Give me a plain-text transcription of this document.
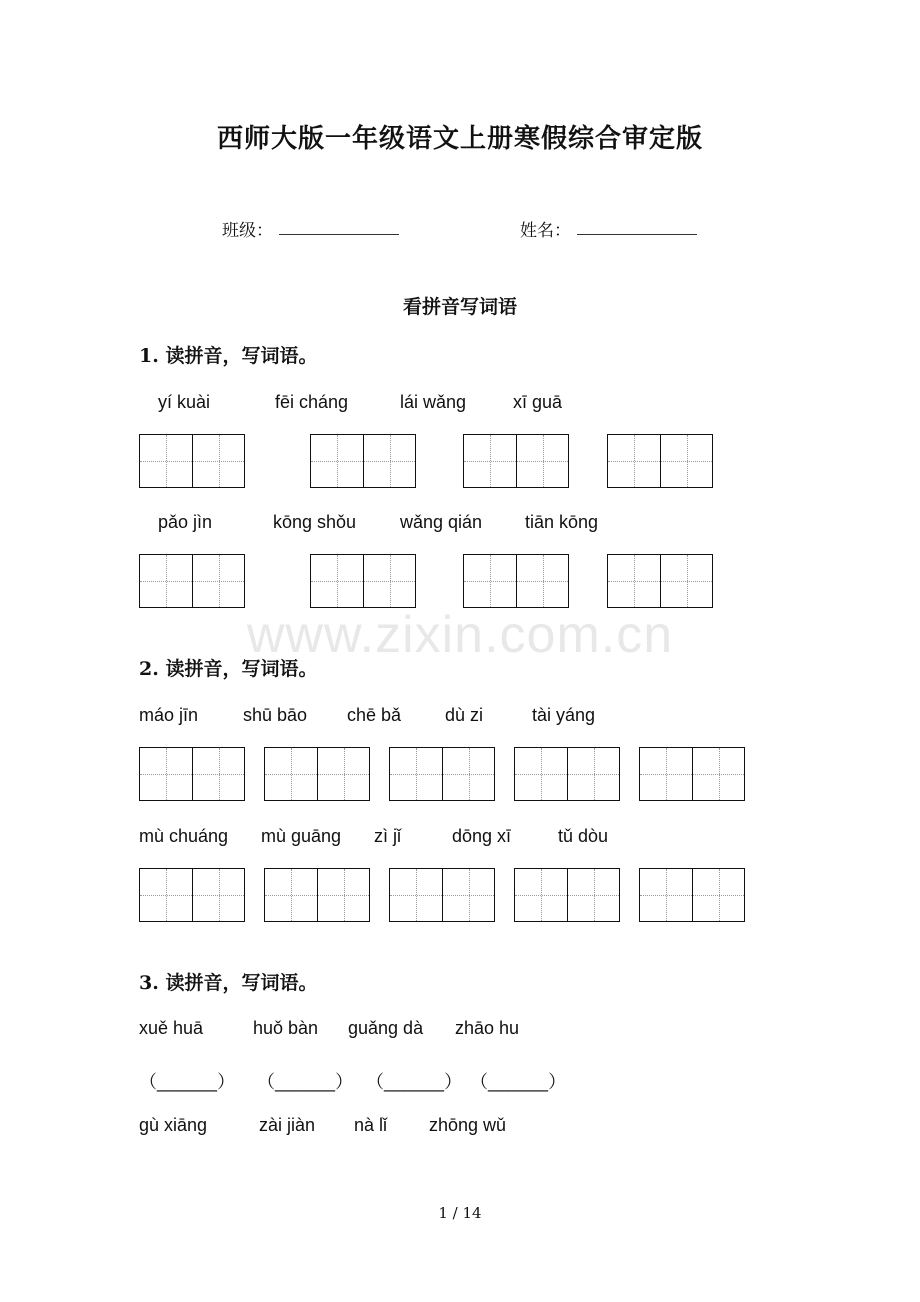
西师大版一年级语文上册寒假综合审定版
班级：	姓名：
看拼音写词语
1. 读拼音，写词语。
yí kuài	fēi cháng	lái wǎng	xī guā
pǎo jìn	kōng shǒu wǎng qián tiān kōng
www.zixin.com.cn
2. 读拼音，写词语。
máo jīn shū bāo chē bǎ dù zi	tài yáng
mù chuáng mù guāng zì jǐ	dōng xī	tǔ dòu
3. 读拼音，写词语。
xuě huā	huǒ bàn guǎng dà zhāo hu
（______） （______） （______） （______）
gù xiāng	zài jiàn nà lǐ zhōng wǔ
1 / 14
